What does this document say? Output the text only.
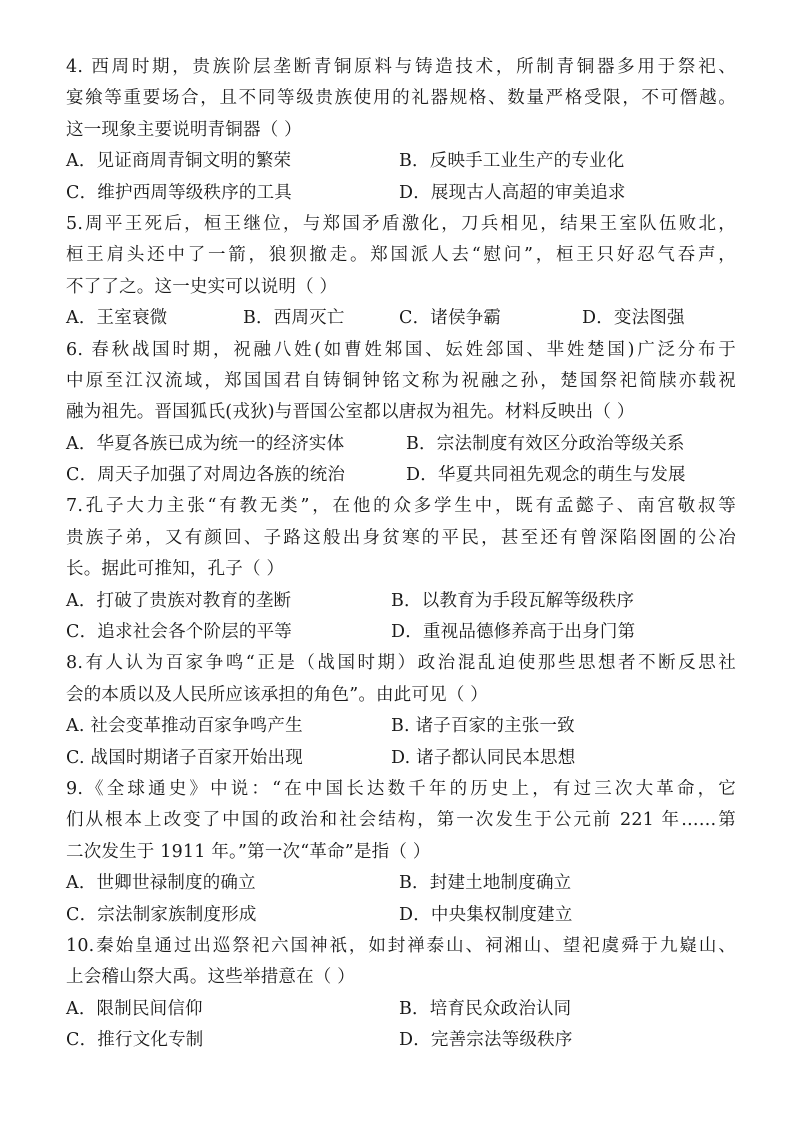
4. 西周时期，贵族阶层垄断青铜原料与铸造技术，所制青铜器多用于祭祀、
宴飨等重要场合，且不同等级贵族使用的礼器规格、数量严格受限，不可僭越。
这一现象主要说明青铜器（ ）
A．见证商周青铜文明的繁荣	B．反映手工业生产的专业化
C．维护西周等级秩序的工具	D．展现古人高超的审美追求
5.周平王死后，桓王继位，与郑国矛盾激化，刀兵相见，结果王室队伍败北，
桓王肩头还中了一箭，狼狈撤走。郑国派人去“慰问”，桓王只好忍气吞声，
不了了之。这一史实可以说明（ ）
A．王室衰微	B．西周灭亡	C．诸侯争霸	D．变法图强
6. 春秋战国时期，祝融八姓(如曹姓邾国、妘姓郐国、芈姓楚国)广泛分布于
中原至江汉流域，郑国国君自铸铜钟铭文称为祝融之孙，楚国祭祀简牍亦载祝
融为祖先。晋国狐氏(戎狄)与晋国公室都以唐叔为祖先。材料反映出（ ）
A．华夏各族已成为统一的经济实体	B．宗法制度有效区分政治等级关系
C．周天子加强了对周边各族的统治	D．华夏共同祖先观念的萌生与发展
7.孔子大力主张“有教无类”，在他的众多学生中，既有孟懿子、南宫敬叔等
贵族子弟，又有颜回、子路这般出身贫寒的平民，甚至还有曾深陷囹圄的公冶
长。据此可推知，孔子（ ）
A．打破了贵族对教育的垄断	B．以教育为手段瓦解等级秩序
C．追求社会各个阶层的平等	D．重视品德修养高于出身门第
8.有人认为百家争鸣“正是（战国时期）政治混乱迫使那些思想者不断反思社
会的本质以及人民所应该承担的角色”。由此可见（ ）
A. 社会变革推动百家争鸣产生	B. 诸子百家的主张一致
C. 战国时期诸子百家开始出现	D. 诸子都认同民本思想
9.《全球通史》中说：“在中国长达数千年的历史上，有过三次大革命，它
们从根本上改变了中国的政治和社会结构，第一次发生于公元前 221 年……第
二次发生于 1911 年。”第一次“革命”是指（ ）
A．世卿世禄制度的确立	B．封建土地制度确立
C．宗法制家族制度形成	D．中央集权制度建立
10.秦始皇通过出巡祭祀六国神祇，如封禅泰山、祠湘山、望祀虞舜于九嶷山、
上会稽山祭大禹。这些举措意在（ ）
A．限制民间信仰	B．培育民众政治认同
C．推行文化专制	D．完善宗法等级秩序
